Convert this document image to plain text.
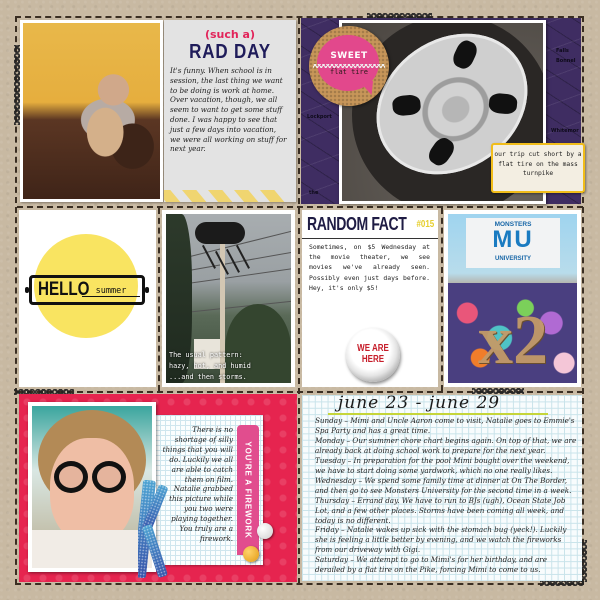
(such a)
RAD DAY
It's funny. When school is in session, the last thing we want to be doing is work at home. Over vacation, though, we all seem to want to get some stuff done. I was happy to see that just a few days into vacation, we were all working on stuff for next year.
Lockport
Whitemor
Bonnel
Falls
the
SWEET
flat tire
our trip cut short by a flat tire on the mass turnpike
HELLO summer
The usual pattern:
hazy, hot, and humid
...and then storms.
RANDOM FACT #015
Sometimes, on $5 Wednesday at the movie theater, we see movies we've already seen. Possibly even just days before. Hey, it's only $5!
WE ARE
HERE
MONSTERS
MU
UNIVERSITY
x2
There is no shortage of silly things that you will do. Luckily we all are able to catch them on film. Natalie grabbed this picture while you two were playing together. You truly are a firework. YOU'RE A FIREWORK
june 23 - june 29

Sunday – Mimi and Uncle Aaron come to visit, Natalie goes to Emmie's Spa Party and has a great time.

Monday – Our summer chore chart begins again. On top of that, we are already back at doing school work to prepare for the next year.

Tuesday – In preparation for the pool Mimi bought over the weekend, we have to start doing some yardwork, which no one really likes.

Wednesday – We spend some family time at dinner at On The Border, and then go to see Monsters University for the second time in a week.

Thursday – Errand day. We have to run to BJs (ugh), Ocean State Job Lot, and a few other places. Storms have been coming all week, and today is no different.

Friday – Natalie wakes up sick with the stomach bug (yeck!). Luckily she is feeling a little better by evening, and we watch the fireworks from our driveway with Gigi.

Saturday – We attempt to go to Mimi's for her birthday, and are derailed by a flat tire on the Pike, forcing Mimi to come to us.
